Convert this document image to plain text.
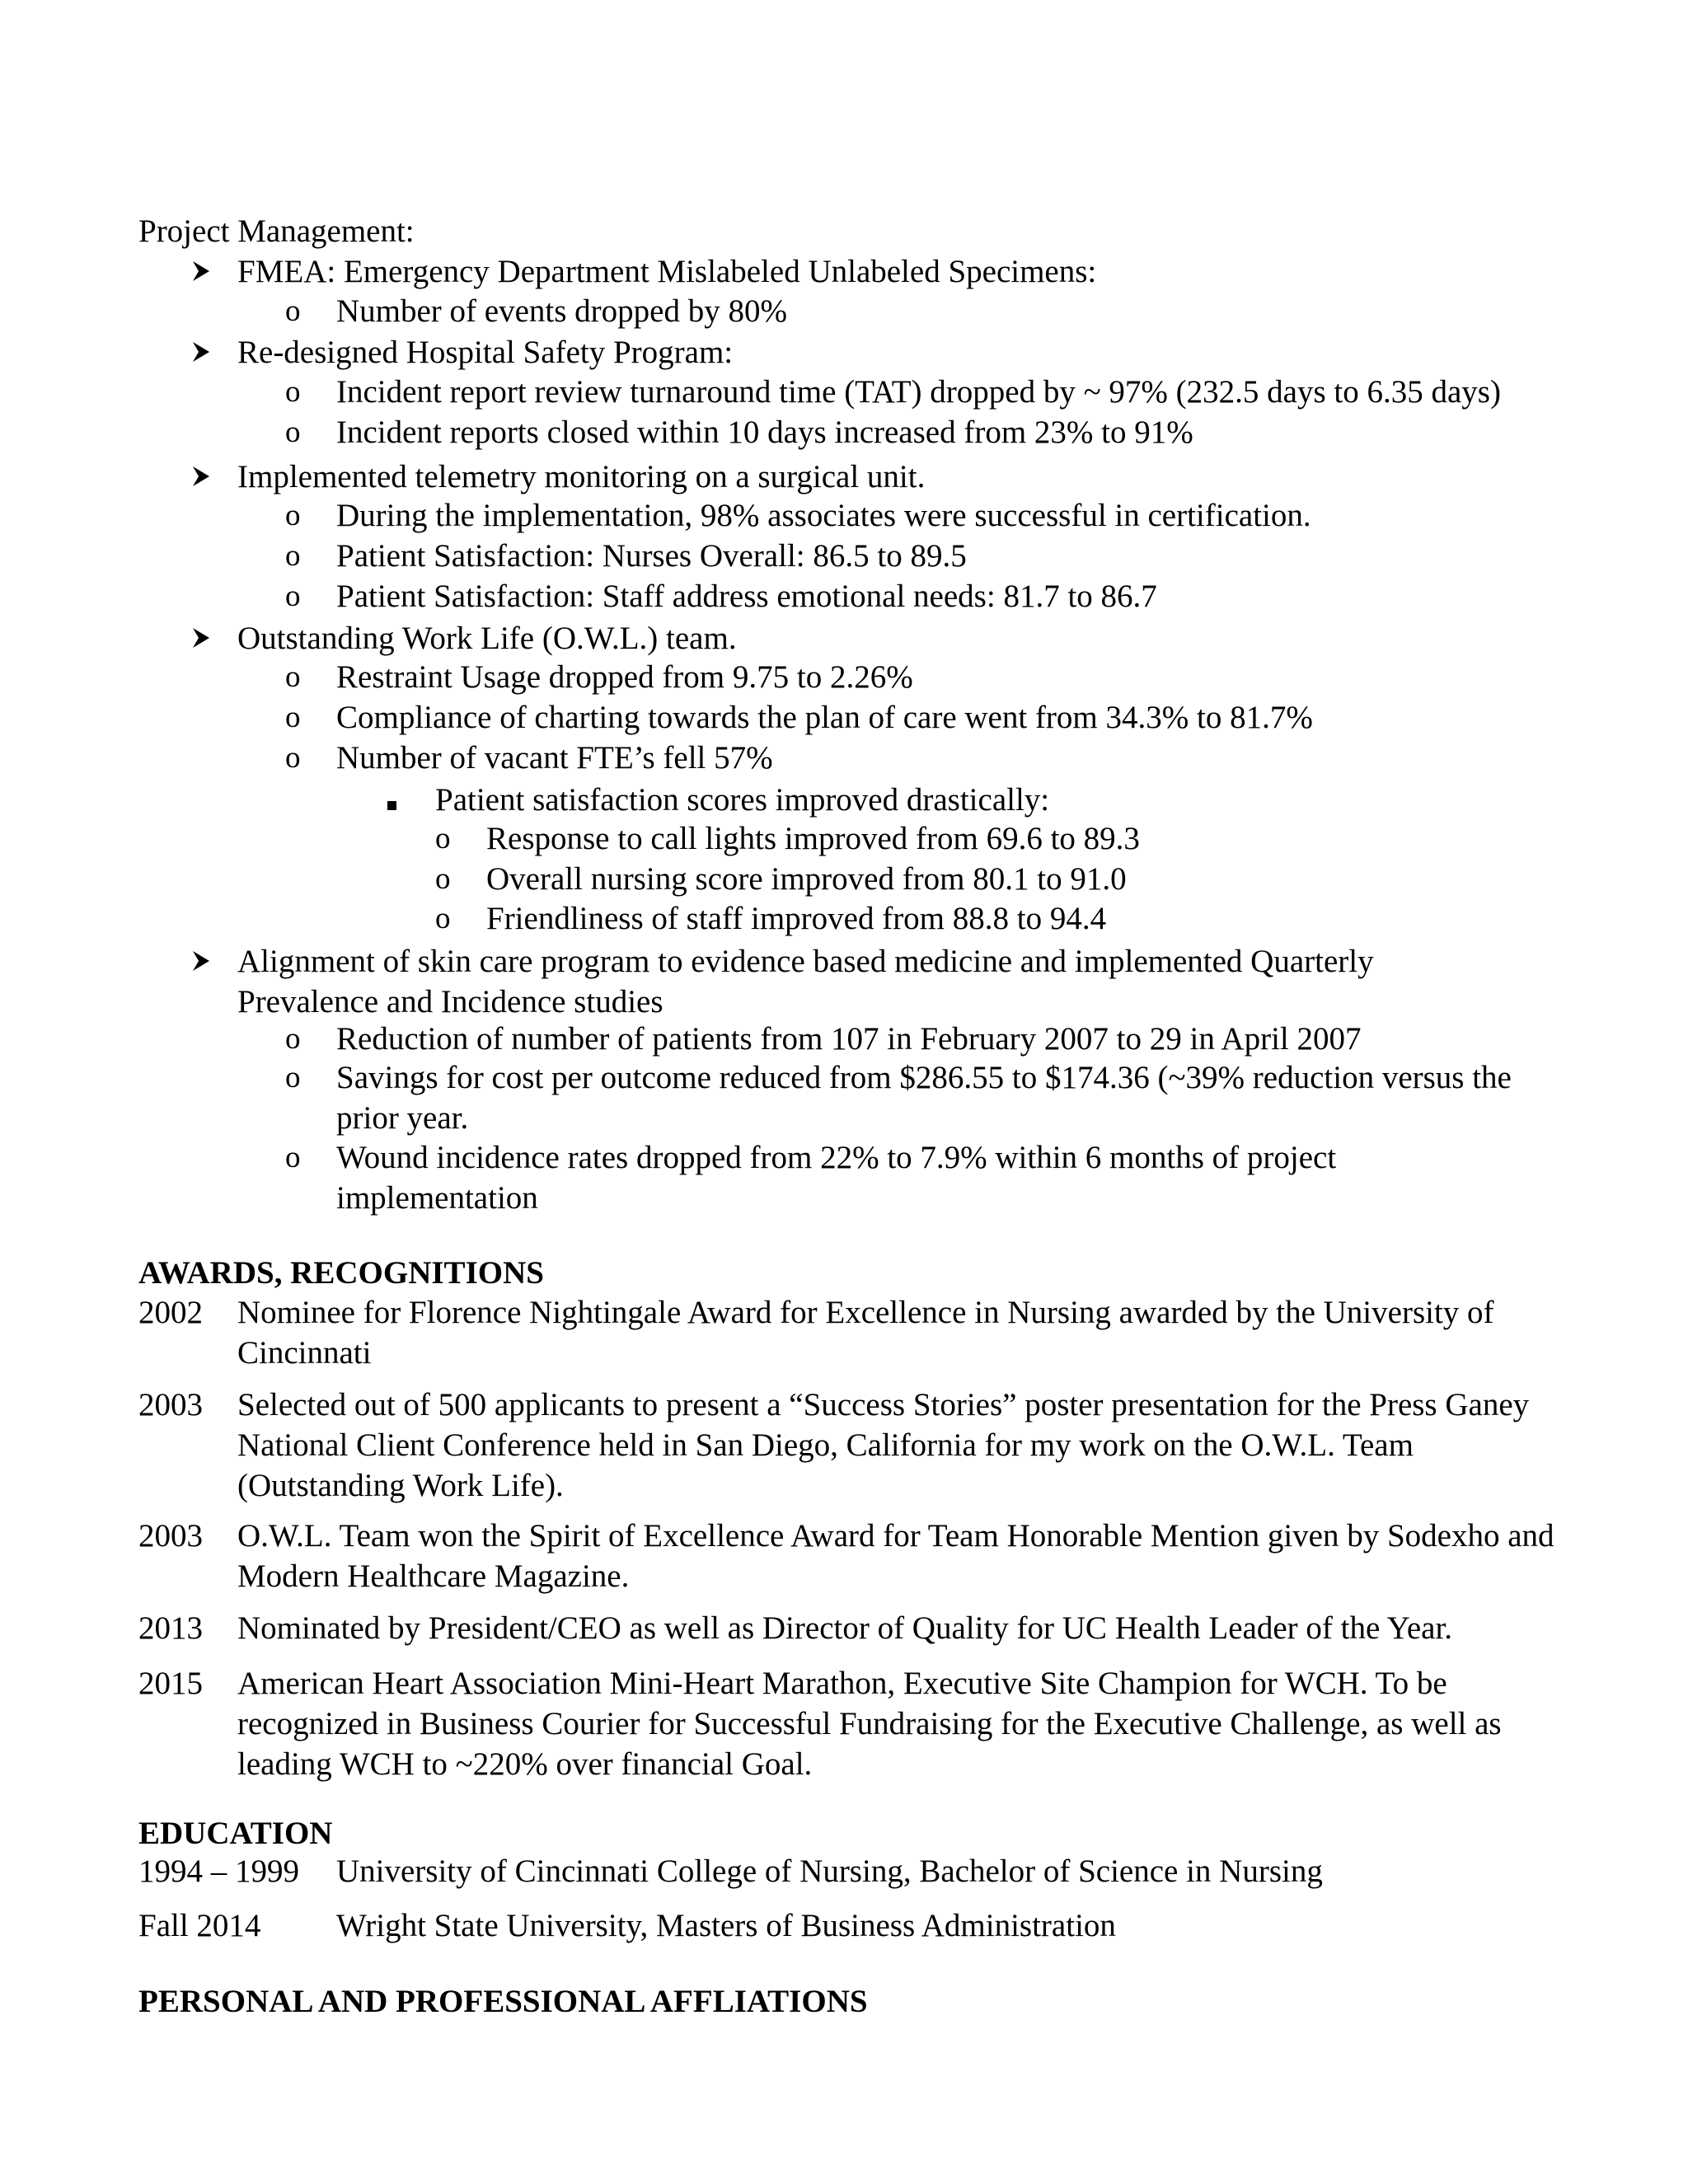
Project Management:
FMEA: Emergency Department Mislabeled Unlabeled Specimens:
o	Number of events dropped by 80%
Re-designed Hospital Safety Program:
o	Incident report review turnaround time (TAT) dropped by ~ 97% (232.5 days to 6.35 days)
o	Incident reports closed within 10 days increased from 23% to 91%
Implemented telemetry monitoring on a surgical unit.
o	During the implementation, 98% associates were successful in certification.
o	Patient Satisfaction: Nurses Overall: 86.5 to 89.5
o	Patient Satisfaction: Staff address emotional needs: 81.7 to 86.7
Outstanding Work Life (O.W.L.) team.
o	Restraint Usage dropped from 9.75 to 2.26%
o	Compliance of charting towards the plan of care went from 34.3% to 81.7%
o	Number of vacant FTE’s fell 57%
Patient satisfaction scores improved drastically:
o	Response to call lights improved from 69.6 to 89.3
o	Overall nursing score improved from 80.1 to 91.0
o	Friendliness of staff improved from 88.8 to 94.4
Alignment of skin care program to evidence based medicine and implemented Quarterly Prevalence and Incidence studies
o	Reduction of number of patients from 107 in February 2007 to 29 in April 2007
o	Savings for cost per outcome reduced from $286.55 to $174.36 (~39% reduction versus the prior year.
o	Wound incidence rates dropped from 22% to 7.9% within 6 months of project implementation
AWARDS, RECOGNITIONS
2002 Nominee for Florence Nightingale Award for Excellence in Nursing awarded by the University of Cincinnati
2003 Selected out of 500 applicants to present a “Success Stories” poster presentation for the Press Ganey National Client Conference held in San Diego, California for my work on the O.W.L. Team (Outstanding Work Life).
2003 O.W.L. Team won the Spirit of Excellence Award for Team Honorable Mention given by Sodexho and Modern Healthcare Magazine.
2013 Nominated by President/CEO as well as Director of Quality for UC Health Leader of the Year.
2015 American Heart Association Mini-Heart Marathon, Executive Site Champion for WCH. To be recognized in Business Courier for Successful Fundraising for the Executive Challenge, as well as leading WCH to ~220% over financial Goal.
EDUCATION
1994 – 1999 University of Cincinnati College of Nursing, Bachelor of Science in Nursing
Fall 2014 Wright State University, Masters of Business Administration
PERSONAL AND PROFESSIONAL AFFLIATIONS
